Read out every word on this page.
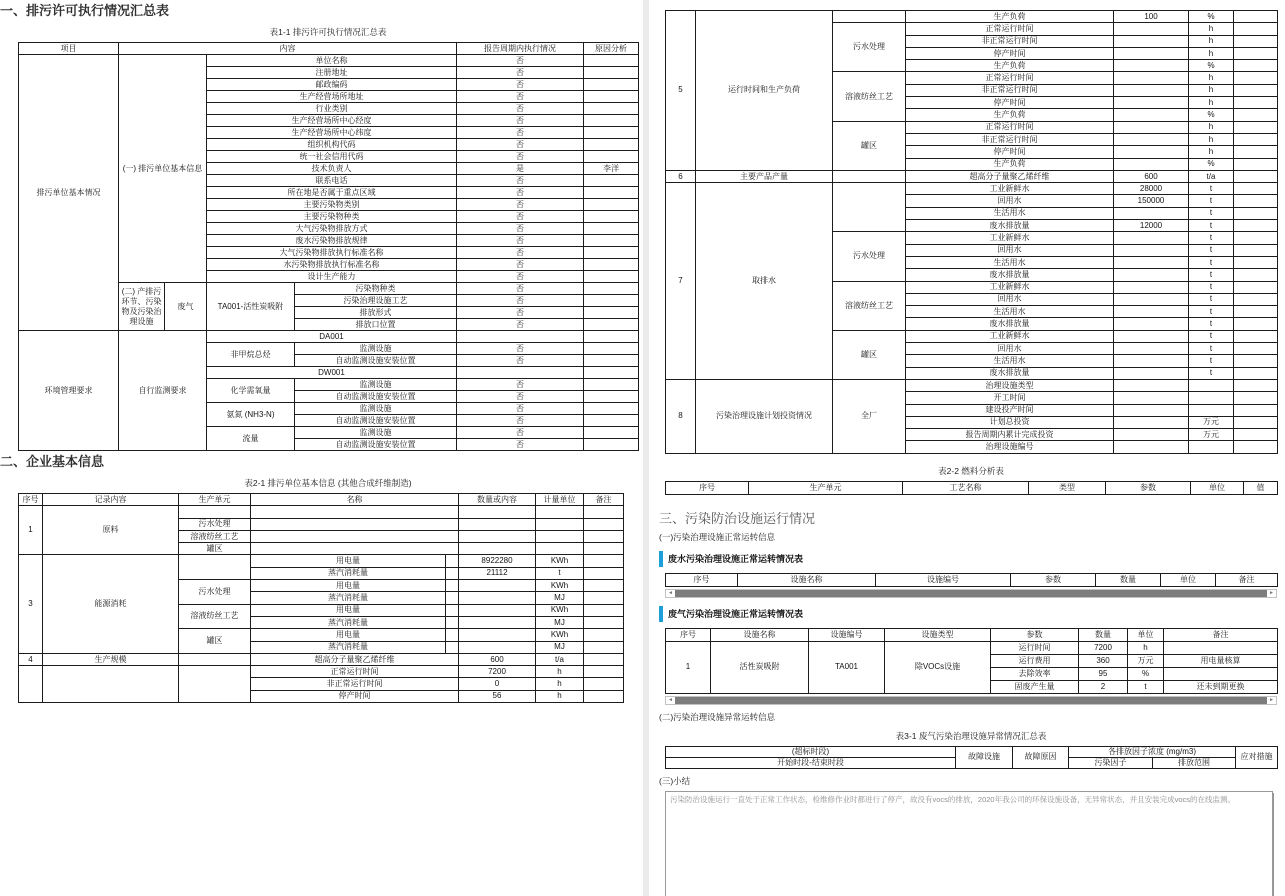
一、排污许可执行情况汇总表
表1-1 排污许可执行情况汇总表
项目	内容				报告周期内执行情况	原因分析
排污单位基本情况	(一) 排污单位基本信息		单位名称		否	
			注册地址		否	
			邮政编码		否	
			生产经营场所地址		否	
			行业类别		否	
			生产经营场所中心经度		否	
			生产经营场所中心纬度		否	
			组织机构代码		否	
			统一社会信用代码		否	
			技术负责人		是	李洋
			联系电话		否	
			所在地是否属于重点区域		否	
			主要污染物类别		否	
			主要污染物种类		否	
			大气污染物排放方式		否	
			废水污染物排放规律		否	
			大气污染物排放执行标准名称		否	
			水污染物排放执行标准名称		否	
			设计生产能力		否	
	(二) 产排污环节、污染物及污染治理设施	废气	TA001-活性炭吸附	污染物种类	否	
				污染治理设施工艺	否	
				排放形式	否	
				排放口位置	否	
环境管理要求	自行监测要求		DA001			
			非甲烷总烃	监测设施	否	
				自动监测设施安装位置	否	
			DW001			
			化学需氧量	监测设施	否	
				自动监测设施安装位置	否	
			氨氮 (NH3-N)	监测设施	否	
				自动监测设施安装位置	否	
			流量	监测设施	否	
				自动监测设施安装位置	否	
二、企业基本信息
表2-1 排污单位基本信息 (其他合成纤维制造)
序号	记录内容	生产单元	名称		数量或内容	计量单位	备注
1	原料						
		污水处理					
		溶液纺丝工艺					
		罐区					
3	能源消耗		用电量		8922280	KWh	
			蒸汽消耗量		21112	t	
		污水处理	用电量			KWh	
			蒸汽消耗量			MJ	
		溶液纺丝工艺	用电量			KWh	
			蒸汽消耗量			MJ	
		罐区	用电量			KWh	
			蒸汽消耗量			MJ	
4	生产规模		超高分子量聚乙烯纤维		600	t/a	
			正常运行时间		7200	h	
			非正常运行时间		0	h	
			停产时间		56	h	
5	运行时间和生产负荷		生产负荷	100	%	
		污水处理	正常运行时间		h	
			非正常运行时间		h	
			停产时间		h	
			生产负荷		%	
		溶液纺丝工艺	正常运行时间		h	
			非正常运行时间		h	
			停产时间		h	
			生产负荷		%	
		罐区	正常运行时间		h	
			非正常运行时间		h	
			停产时间		h	
			生产负荷		%	
6	主要产品产量		超高分子量聚乙烯纤维	600	t/a	
7	取排水		工业新鲜水	28000	t	
			回用水	150000	t	
			生活用水		t	
			废水排放量	12000	t	
		污水处理	工业新鲜水		t	
			回用水		t	
			生活用水		t	
			废水排放量		t	
		溶液纺丝工艺	工业新鲜水		t	
			回用水		t	
			生活用水		t	
			废水排放量		t	
		罐区	工业新鲜水		t	
			回用水		t	
			生活用水		t	
			废水排放量		t	
8	污染治理设施计划投资情况	全厂	治理设施类型			
			开工时间			
			建设投产时间			
			计划总投资		万元	
			报告周期内累计完成投资		万元	
			治理设施编号			
表2-2 燃料分析表
序号	生产单元	工艺名称	类型	参数	单位	值
三、污染防治设施运行情况
(一)污染治理设施正常运转信息
废水污染治理设施正常运转情况表
序号	设施名称	设施编号	参数	数量	单位	备注
◄	►
废气污染治理设施正常运转情况表
序号	设施名称	设施编号	设施类型	参数	数量	单位	备注
1	活性炭吸附	TA001	除VOCs设施	运行时间	7200	h	
				运行费用	360	万元	用电量核算
				去除效率	95	%	
				固废产生量	2	t	还未到期更换
◄	►
(二)污染治理设施异常运转信息
表3-1 废气污染治理设施异常情况汇总表
(超标时段)	故障设施	故障原因	各排放因子浓度 (mg/m3)		应对措施
开始时段-结束时段			污染因子	排放范围	
(三)小结
污染防治设施运行一直处于正常工作状态，检维修作业时都进行了停产，故没有vocs的排放，2020年我公司的环保设施设备，无异常状态，并且安装完成vocs的在线监测。
